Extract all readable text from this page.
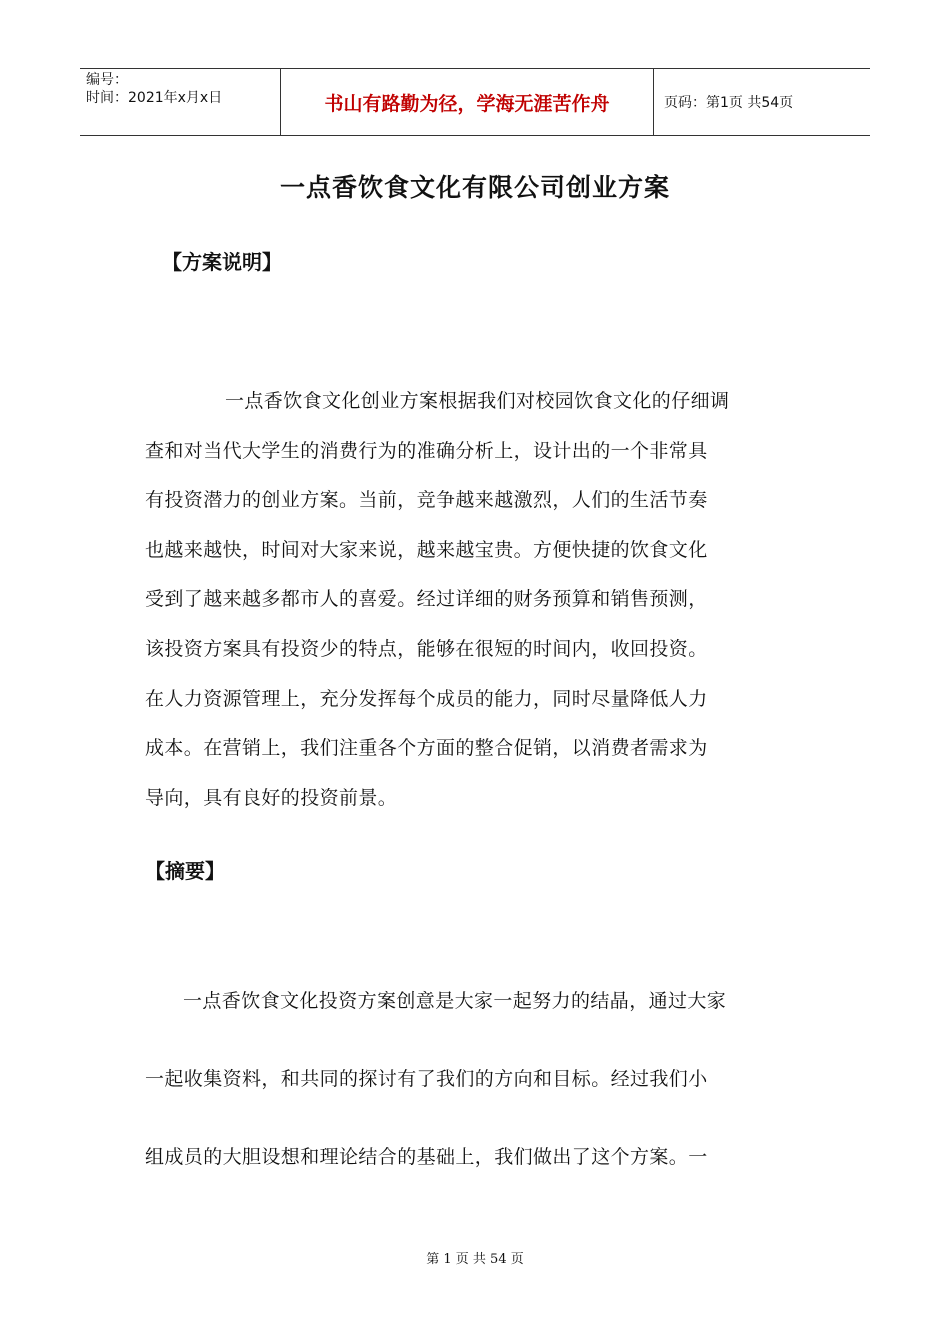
编号：
时间：2021年x月x日	书山有路勤为径，学海无涯苦作舟	页码：第1页 共54页
一点香饮食文化有限公司创业方案
【方案说明】
一点香饮食文化创业方案根据我们对校园饮食文化的仔细调
查和对当代大学生的消费行为的准确分析上，设计出的一个非常具
有投资潜力的创业方案。当前，竞争越来越激烈，人们的生活节奏
也越来越快，时间对大家来说，越来越宝贵。方便快捷的饮食文化
受到了越来越多都市人的喜爱。经过详细的财务预算和销售预测，
该投资方案具有投资少的特点，能够在很短的时间内，收回投资。
在人力资源管理上，充分发挥每个成员的能力，同时尽量降低人力
成本。在营销上，我们注重各个方面的整合促销，以消费者需求为
导向，具有良好的投资前景。
【摘要】
一点香饮食文化投资方案创意是大家一起努力的结晶，通过大家
一起收集资料，和共同的探讨有了我们的方向和目标。经过我们小
组成员的大胆设想和理论结合的基础上，我们做出了这个方案。一
第 1 页 共 54 页
